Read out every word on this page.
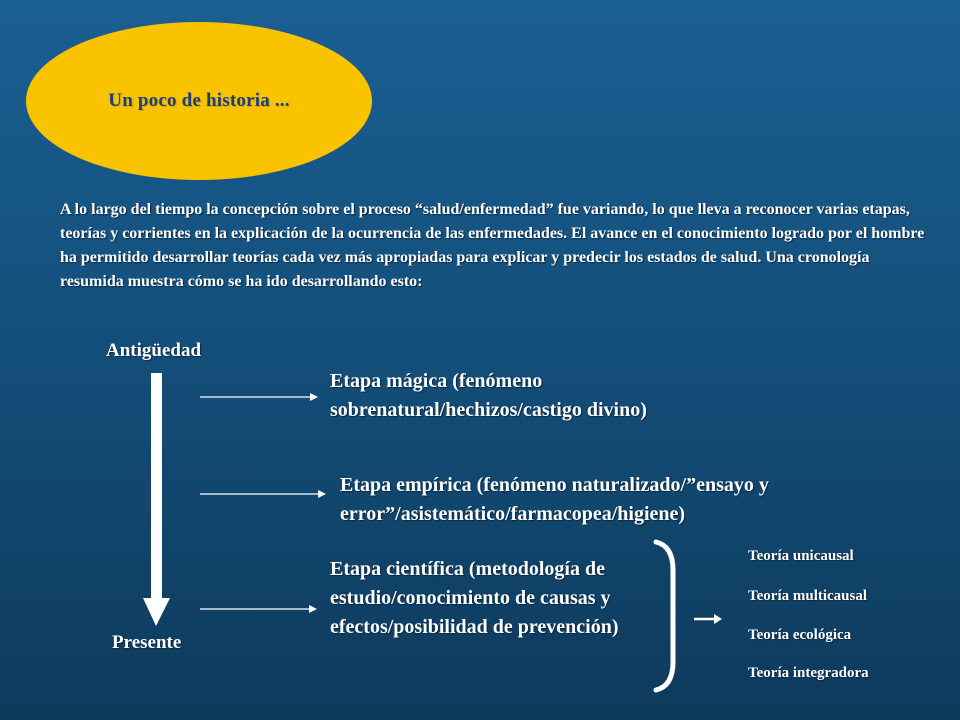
Un poco de historia ...
A lo largo del tiempo la concepción sobre el proceso “salud/enfermedad” fue variando, lo que lleva a reconocer varias etapas, teorías y corrientes en la explicación de la ocurrencia de las enfermedades. El avance en el conocimiento logrado por el hombre ha permitido desarrollar teorías cada vez más apropiadas para explicar y predecir los estados de salud. Una cronología resumida muestra cómo se ha ido desarrollando esto:
Antigüedad
Presente
Etapa mágica (fenómeno
sobrenatural/hechizos/castigo divino)
Etapa empírica (fenómeno naturalizado/”ensayo y
error”/asistemático/farmacopea/higiene)
Etapa científica (metodología de
estudio/conocimiento de causas y
efectos/posibilidad de prevención)
Teoría unicausal
Teoría multicausal
Teoría ecológica
Teoría integradora
